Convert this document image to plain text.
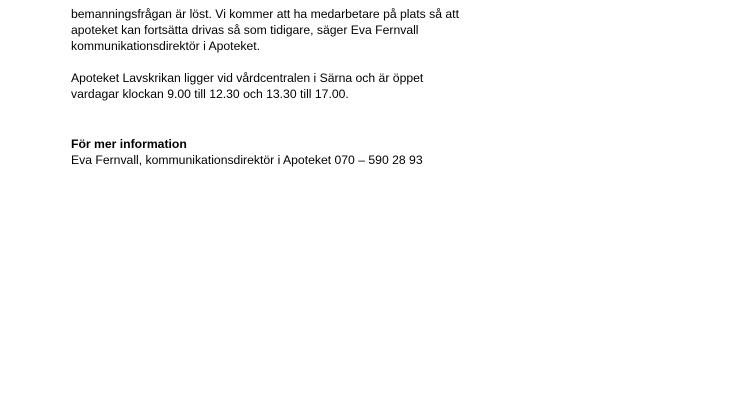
bemanningsfrågan är löst. Vi kommer att ha medarbetare på plats så att
apoteket kan fortsätta drivas så som tidigare, säger Eva Fernvall
kommunikationsdirektör i Apoteket.

Apoteket Lavskrikan ligger vid vårdcentralen i Särna och är öppet
vardagar klockan 9.00 till 12.30 och 13.30 till 17.00.

För mer information
Eva Fernvall, kommunikationsdirektör i Apoteket 070 – 590 28 93
